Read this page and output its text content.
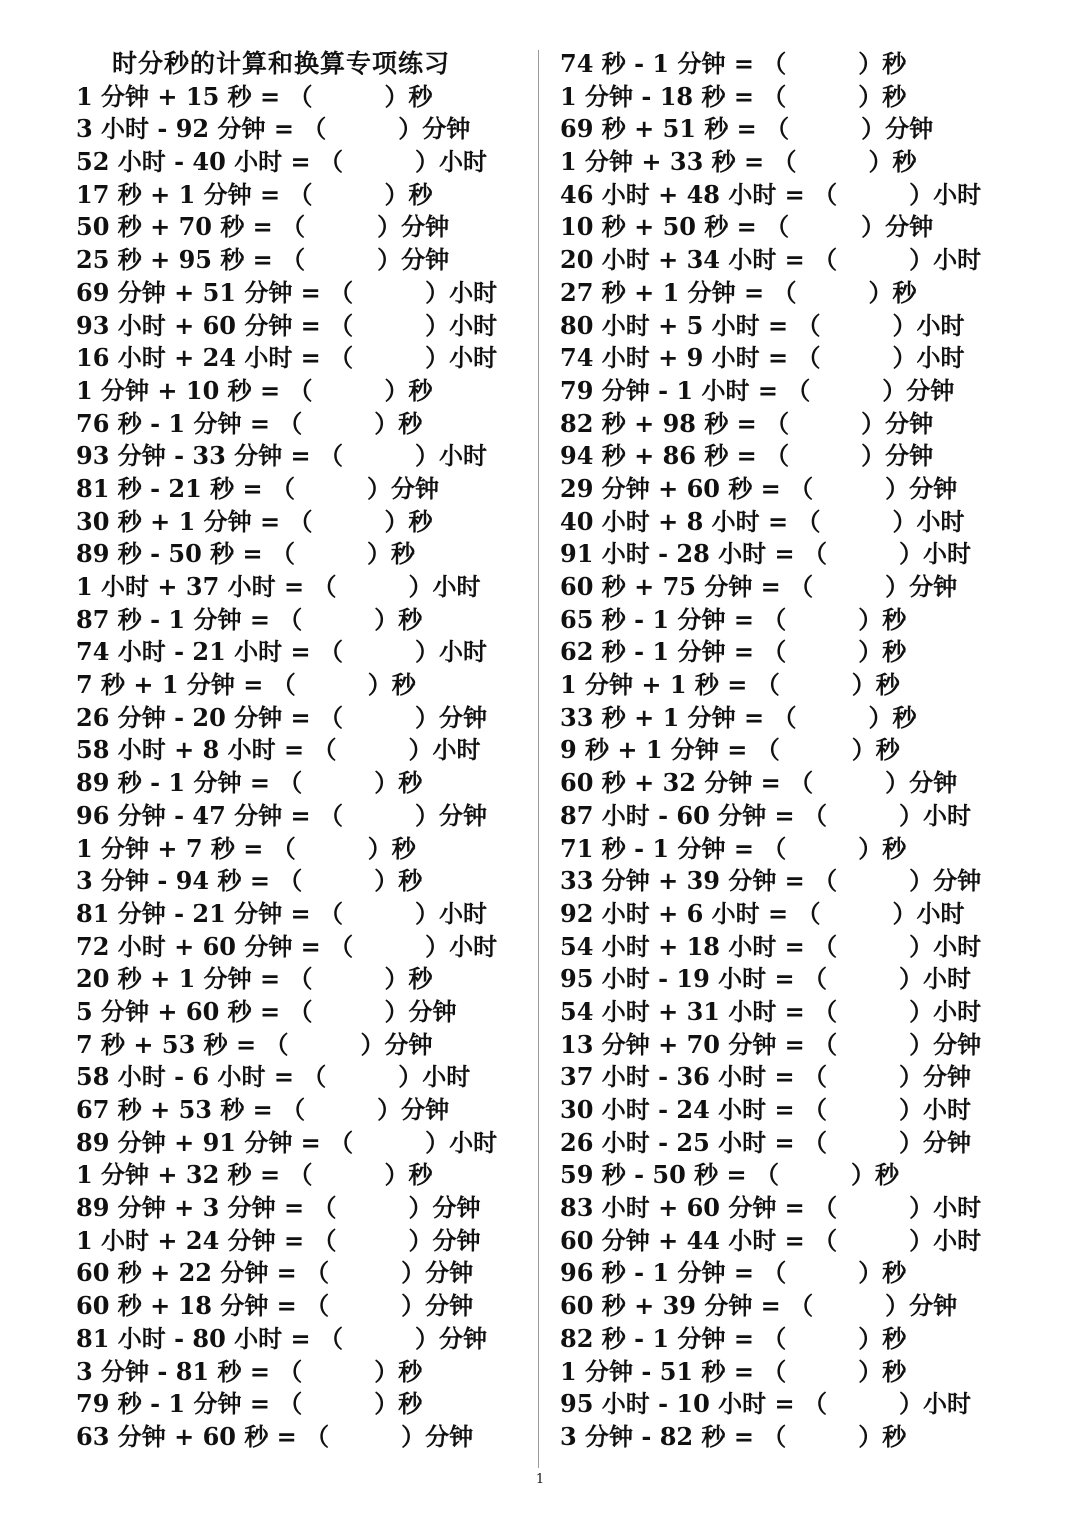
时分秒的计算和换算专项练习
1 分钟 + 15 秒 = （　　　）秒
3 小时 - 92 分钟 = （　　　）分钟
52 小时 - 40 小时 = （　　　）小时
17 秒 + 1 分钟 = （　　　）秒
50 秒 + 70 秒 = （　　　）分钟
25 秒 + 95 秒 = （　　　）分钟
69 分钟 + 51 分钟 = （　　　）小时
93 小时 + 60 分钟 = （　　　）小时
16 小时 + 24 小时 = （　　　）小时
1 分钟 + 10 秒 = （　　　）秒
76 秒 - 1 分钟 = （　　　）秒
93 分钟 - 33 分钟 = （　　　）小时
81 秒 - 21 秒 = （　　　）分钟
30 秒 + 1 分钟 = （　　　）秒
89 秒 - 50 秒 = （　　　）秒
1 小时 + 37 小时 = （　　　）小时
87 秒 - 1 分钟 = （　　　）秒
74 小时 - 21 小时 = （　　　）小时
7 秒 + 1 分钟 = （　　　）秒
26 分钟 - 20 分钟 = （　　　）分钟
58 小时 + 8 小时 = （　　　）小时
89 秒 - 1 分钟 = （　　　）秒
96 分钟 - 47 分钟 = （　　　）分钟
1 分钟 + 7 秒 = （　　　）秒
3 分钟 - 94 秒 = （　　　）秒
81 分钟 - 21 分钟 = （　　　）小时
72 小时 + 60 分钟 = （　　　）小时
20 秒 + 1 分钟 = （　　　）秒
5 分钟 + 60 秒 = （　　　）分钟
7 秒 + 53 秒 = （　　　）分钟
58 小时 - 6 小时 = （　　　）小时
67 秒 + 53 秒 = （　　　）分钟
89 分钟 + 91 分钟 = （　　　）小时
1 分钟 + 32 秒 = （　　　）秒
89 分钟 + 3 分钟 = （　　　）分钟
1 小时 + 24 分钟 = （　　　）分钟
60 秒 + 22 分钟 = （　　　）分钟
60 秒 + 18 分钟 = （　　　）分钟
81 小时 - 80 小时 = （　　　）分钟
3 分钟 - 81 秒 = （　　　）秒
79 秒 - 1 分钟 = （　　　）秒
63 分钟 + 60 秒 = （　　　）分钟
74 秒 - 1 分钟 = （　　　）秒
1 分钟 - 18 秒 = （　　　）秒
69 秒 + 51 秒 = （　　　）分钟
1 分钟 + 33 秒 = （　　　）秒
46 小时 + 48 小时 = （　　　）小时
10 秒 + 50 秒 = （　　　）分钟
20 小时 + 34 小时 = （　　　）小时
27 秒 + 1 分钟 = （　　　）秒
80 小时 + 5 小时 = （　　　）小时
74 小时 + 9 小时 = （　　　）小时
79 分钟 - 1 小时 = （　　　）分钟
82 秒 + 98 秒 = （　　　）分钟
94 秒 + 86 秒 = （　　　）分钟
29 分钟 + 60 秒 = （　　　）分钟
40 小时 + 8 小时 = （　　　）小时
91 小时 - 28 小时 = （　　　）小时
60 秒 + 75 分钟 = （　　　）分钟
65 秒 - 1 分钟 = （　　　）秒
62 秒 - 1 分钟 = （　　　）秒
1 分钟 + 1 秒 = （　　　）秒
33 秒 + 1 分钟 = （　　　）秒
9 秒 + 1 分钟 = （　　　）秒
60 秒 + 32 分钟 = （　　　）分钟
87 小时 - 60 分钟 = （　　　）小时
71 秒 - 1 分钟 = （　　　）秒
33 分钟 + 39 分钟 = （　　　）分钟
92 小时 + 6 小时 = （　　　）小时
54 小时 + 18 小时 = （　　　）小时
95 小时 - 19 小时 = （　　　）小时
54 小时 + 31 小时 = （　　　）小时
13 分钟 + 70 分钟 = （　　　）分钟
37 小时 - 36 小时 = （　　　）分钟
30 小时 - 24 小时 = （　　　）小时
26 小时 - 25 小时 = （　　　）分钟
59 秒 - 50 秒 = （　　　）秒
83 小时 + 60 分钟 = （　　　）小时
60 分钟 + 44 小时 = （　　　）小时
96 秒 - 1 分钟 = （　　　）秒
60 秒 + 39 分钟 = （　　　）分钟
82 秒 - 1 分钟 = （　　　）秒
1 分钟 - 51 秒 = （　　　）秒
95 小时 - 10 小时 = （　　　）小时
3 分钟 - 82 秒 = （　　　）秒
1
